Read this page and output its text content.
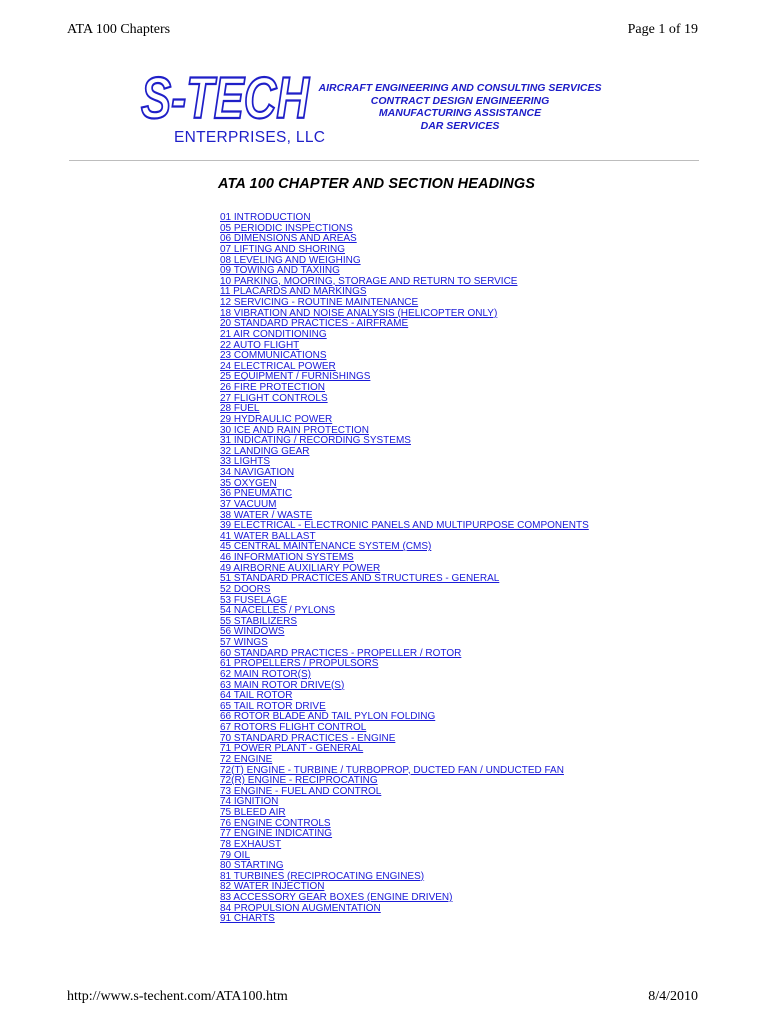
ATA 100 Chapters	Page 1 of 19
S-TECH
ENTERPRISES, LLC
AIRCRAFT ENGINEERING AND CONSULTING SERVICES
CONTRACT DESIGN ENGINEERING
MANUFACTURING ASSISTANCE
DAR SERVICES
ATA 100 CHAPTER AND SECTION HEADINGS
01 INTRODUCTION
05 PERIODIC INSPECTIONS
06 DIMENSIONS AND AREAS
07 LIFTING AND SHORING
08 LEVELING AND WEIGHING
09 TOWING AND TAXIING
10 PARKING, MOORING, STORAGE AND RETURN TO SERVICE
11 PLACARDS AND MARKINGS
12 SERVICING - ROUTINE MAINTENANCE
18 VIBRATION AND NOISE ANALYSIS (HELICOPTER ONLY)
20 STANDARD PRACTICES - AIRFRAME
21 AIR CONDITIONING
22 AUTO FLIGHT
23 COMMUNICATIONS
24 ELECTRICAL POWER
25 EQUIPMENT / FURNISHINGS
26 FIRE PROTECTION
27 FLIGHT CONTROLS
28 FUEL
29 HYDRAULIC POWER
30 ICE AND RAIN PROTECTION
31 INDICATING / RECORDING SYSTEMS
32 LANDING GEAR
33 LIGHTS
34 NAVIGATION
35 OXYGEN
36 PNEUMATIC
37 VACUUM
38 WATER / WASTE
39 ELECTRICAL - ELECTRONIC PANELS AND MULTIPURPOSE COMPONENTS
41 WATER BALLAST
45 CENTRAL MAINTENANCE SYSTEM (CMS)
46 INFORMATION SYSTEMS
49 AIRBORNE AUXILIARY POWER
51 STANDARD PRACTICES AND STRUCTURES - GENERAL
52 DOORS
53 FUSELAGE
54 NACELLES / PYLONS
55 STABILIZERS
56 WINDOWS
57 WINGS
60 STANDARD PRACTICES - PROPELLER / ROTOR
61 PROPELLERS / PROPULSORS
62 MAIN ROTOR(S)
63 MAIN ROTOR DRIVE(S)
64 TAIL ROTOR
65 TAIL ROTOR DRIVE
66 ROTOR BLADE AND TAIL PYLON FOLDING
67 ROTORS FLIGHT CONTROL
70 STANDARD PRACTICES - ENGINE
71 POWER PLANT - GENERAL
72 ENGINE
72(T) ENGINE - TURBINE / TURBOPROP, DUCTED FAN / UNDUCTED FAN
72(R) ENGINE - RECIPROCATING
73 ENGINE - FUEL AND CONTROL
74 IGNITION
75 BLEED AIR
76 ENGINE CONTROLS
77 ENGINE INDICATING
78 EXHAUST
79 OIL
80 STARTING
81 TURBINES (RECIPROCATING ENGINES)
82 WATER INJECTION
83 ACCESSORY GEAR BOXES (ENGINE DRIVEN)
84 PROPULSION AUGMENTATION
91 CHARTS
http://www.s-techent.com/ATA100.htm	8/4/2010
